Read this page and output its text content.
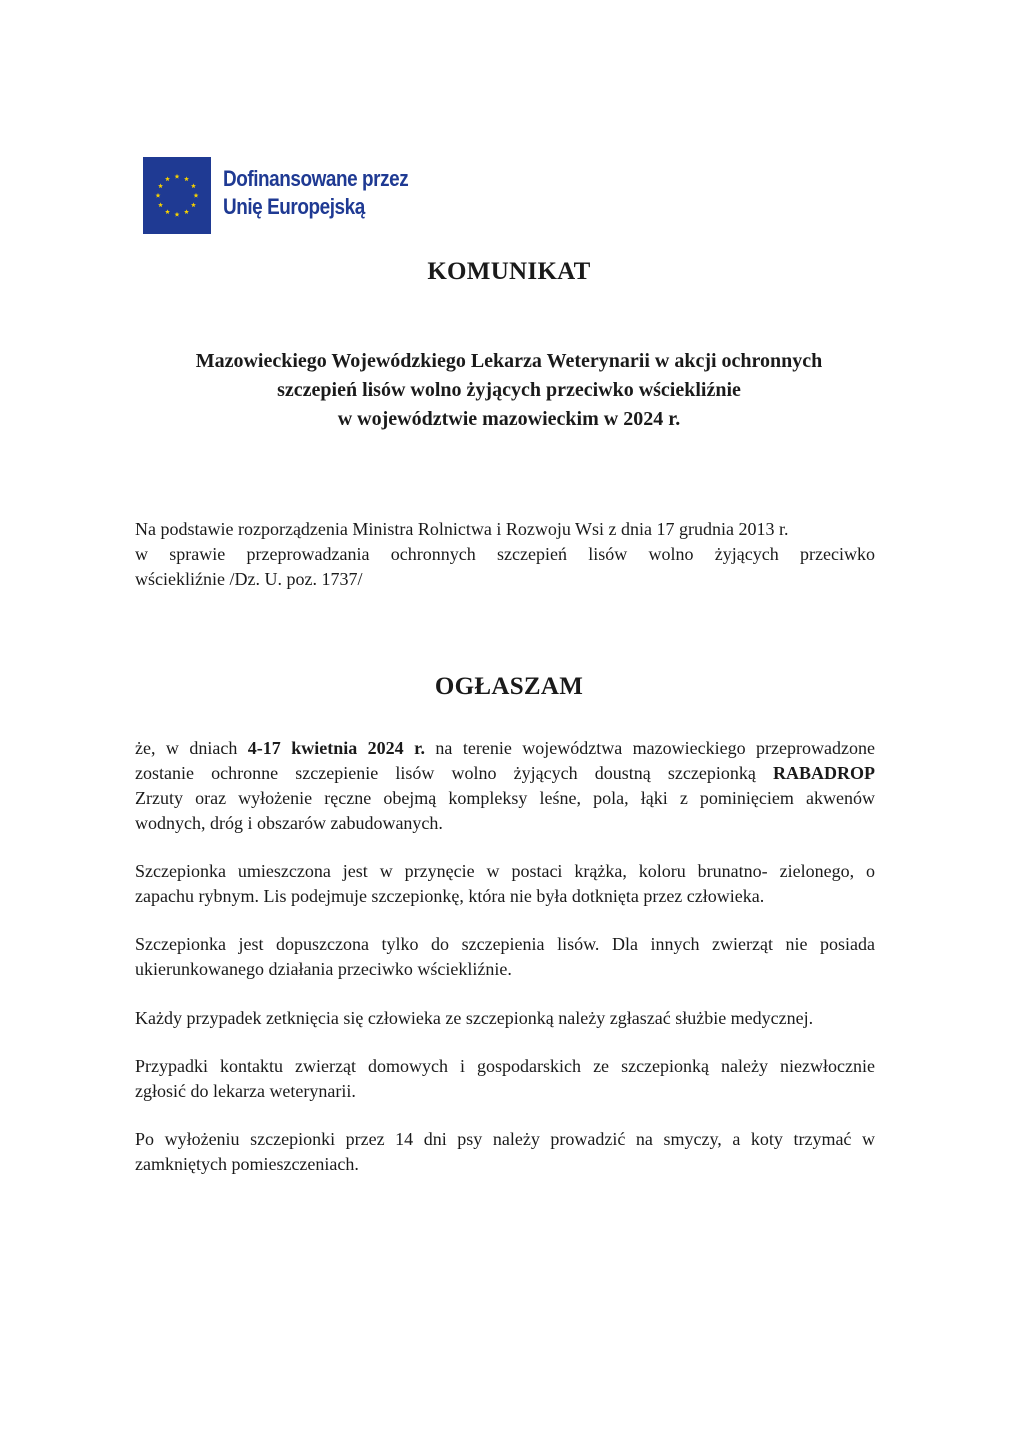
Dofinansowane przez
Unię Europejską
KOMUNIKAT
Mazowieckiego Wojewódzkiego Lekarza Weterynarii w akcji ochronnych
szczepień lisów wolno żyjących przeciwko wściekliźnie
w województwie mazowieckim w 2024 r.
Na podstawie rozporządzenia Ministra Rolnictwa i Rozwoju Wsi z dnia 17 grudnia 2013 r.
w sprawie przeprowadzania ochronnych szczepień lisów wolno żyjących przeciwko
wściekliźnie /Dz. U. poz. 1737/
OGŁASZAM
że, w dniach 4-17 kwietnia 2024 r. na terenie województwa mazowieckiego przeprowadzone
zostanie ochronne szczepienie lisów wolno żyjących doustną szczepionką RABADROP
Zrzuty oraz wyłożenie ręczne obejmą kompleksy leśne, pola, łąki z pominięciem akwenów
wodnych, dróg i obszarów zabudowanych.
Szczepionka umieszczona jest w przynęcie w postaci krążka, koloru brunatno- zielonego, o
zapachu rybnym. Lis podejmuje szczepionkę, która nie była dotknięta przez człowieka.
Szczepionka jest dopuszczona tylko do szczepienia lisów. Dla innych zwierząt nie posiada
ukierunkowanego działania przeciwko wściekliźnie.
Każdy przypadek zetknięcia się człowieka ze szczepionką należy zgłaszać służbie medycznej.
Przypadki kontaktu zwierząt domowych i gospodarskich ze szczepionką należy niezwłocznie
zgłosić do lekarza weterynarii.
Po wyłożeniu szczepionki przez 14 dni psy należy prowadzić na smyczy, a koty trzymać w
zamkniętych pomieszczeniach.
